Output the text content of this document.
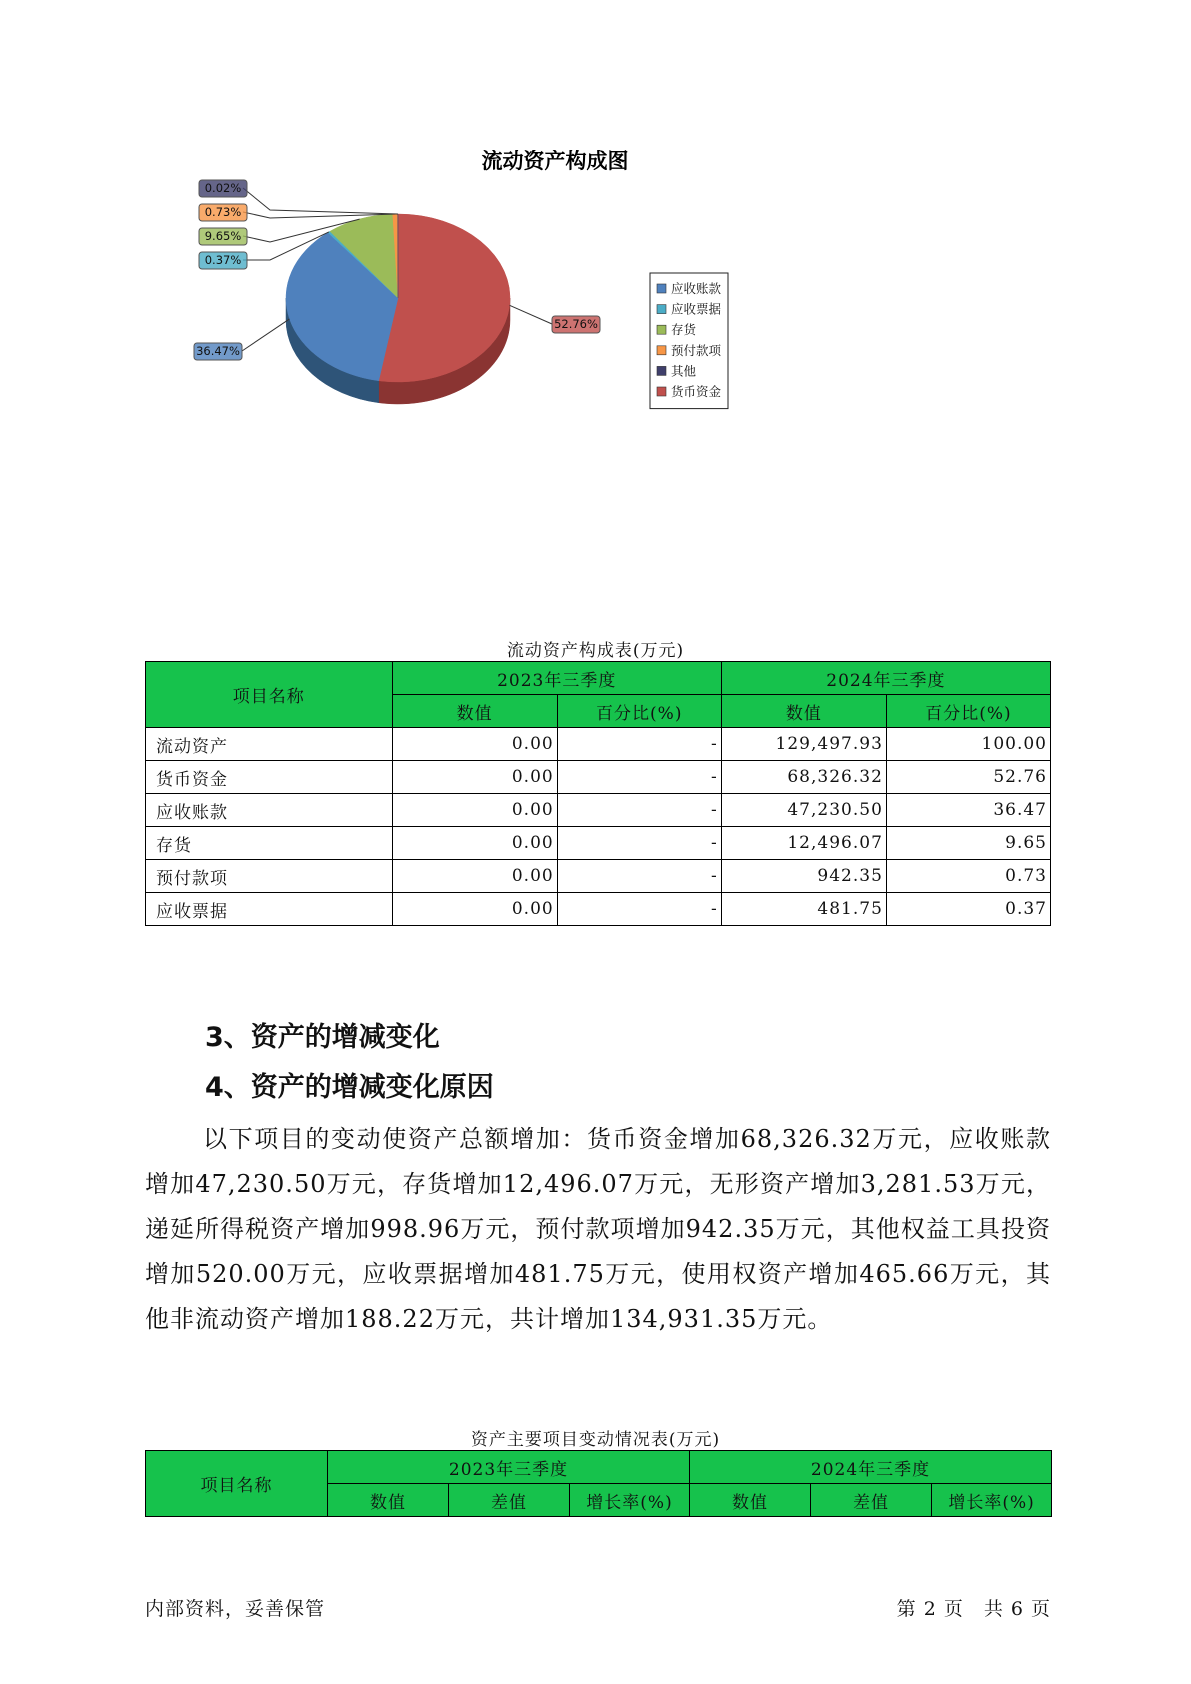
流动资产构成图
52.76%
36.47%
0.37%
9.65%
0.73%
0.02%
应收账款
应收票据
存货
预付款项
其他
货币资金
流动资产构成表(万元)
项目名称	2023年三季度		2024年三季度	
	数值	百分比(%)	数值	百分比(%)
流动资产	0.00	-	129,497.93	100.00
货币资金	0.00	-	68,326.32	52.76
应收账款	0.00	-	47,230.50	36.47
存货	0.00	-	12,496.07	9.65
预付款项	0.00	-	942.35	0.73
应收票据	0.00	-	481.75	0.37
3、资产的增减变化
4、资产的增减变化原因

以下项目的变动使资产总额增加：货币资金增加68,326.32万元，应收账款增加47,230.50万元，存货增加12,496.07万元，无形资产增加3,281.53万元，递延所得税资产增加998.96万元，预付款项增加942.35万元，其他权益工具投资增加520.00万元，应收票据增加481.75万元，使用权资产增加465.66万元，其他非流动资产增加188.22万元，共计增加134,931.35万元。

资产主要项目变动情况表(万元)
项目名称	2023年三季度			2024年三季度		
	数值	差值	增长率(%)	数值	差值	增长率(%)
内部资料，妥善保管	第 2 页　共 6 页
